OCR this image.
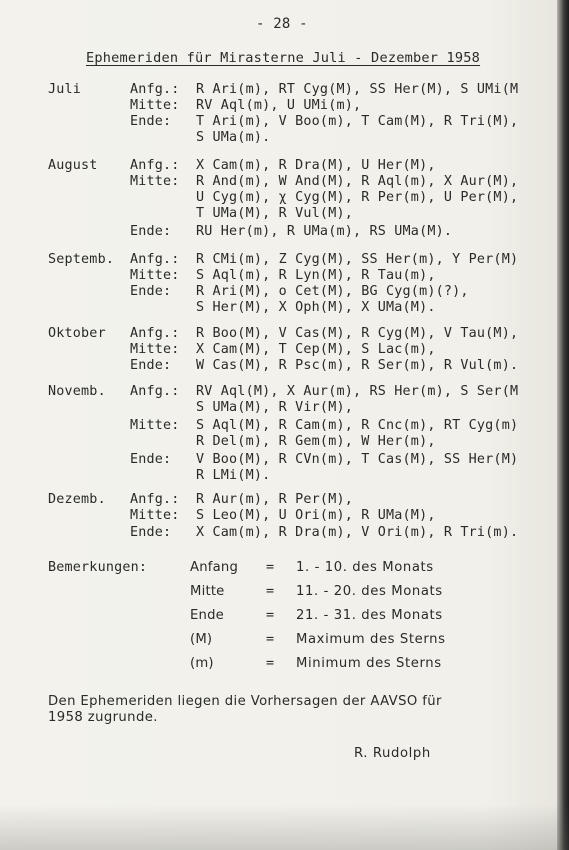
- 28 -
Ephemeriden für Mirasterne Juli - Dezember 1958
Juli	Anfg.: R Ari(m), RT Cyg(M), SS Her(M), S UMi(M
Mitte: RV Aql(m), U UMi(m),
Ende: T Ari(m), V Boo(m), T Cam(M), R Tri(M),
S UMa(m).
August Anfg.: X Cam(m), R Dra(M), U Her(M),
Mitte: R And(m), W And(M), R Aql(m), X Aur(M),
U Cyg(m), χ Cyg(M), R Per(m), U Per(M),
T UMa(M), R Vul(M),
Ende: RU Her(m), R UMa(m), RS UMa(M).
Septemb. Anfg.: R CMi(m), Z Cyg(M), SS Her(m), Y Per(M)
Mitte: S Aql(m), R Lyn(M), R Tau(m),
Ende: R Ari(M), o Cet(M), BG Cyg(m)(?),
S Her(M), X Oph(M), X UMa(M).
Oktober Anfg.: R Boo(M), V Cas(M), R Cyg(M), V Tau(M),
Mitte: X Cam(M), T Cep(M), S Lac(m),
Ende: W Cas(M), R Psc(m), R Ser(m), R Vul(m).
Novemb. Anfg.: RV Aql(M), X Aur(m), RS Her(m), S Ser(M
S UMa(M), R Vir(M),
Mitte: S Aql(M), R Cam(m), R Cnc(m), RT Cyg(m)
R Del(m), R Gem(m), W Her(m),
Ende: V Boo(M), R CVn(m), T Cas(M), SS Her(M)
R LMi(M).
Dezemb. Anfg.: R Aur(m), R Per(M),
Mitte: S Leo(M), U Ori(m), R UMa(M),
Ende: X Cam(m), R Dra(m), V Ori(m), R Tri(m).
Bemerkungen:	Anfang = 1. - 10. des Monats
Mitte	= 11. - 20. des Monats
Ende	= 21. - 31. des Monats
(M)	= Maximum des Sterns
(m)	= Minimum des Sterns
Den Ephemeriden liegen die Vorhersagen der AAVSO für
1958 zugrunde.
R. Rudolph
